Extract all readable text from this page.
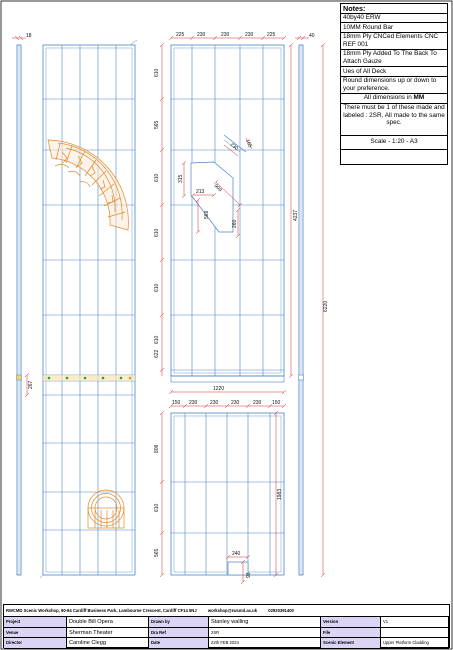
18
267
225	230	230	230	225
610
565
610
610
610
610
622
315
213 909
569
260
230 165
4237
1220
150 230	230	230	230 150
808
610
565
1983
240
93
40
6220
Notes:
40by40 ERW
10MM Round Bar
18mm Ply CNCed Elements CNC REF 001
18mm Ply Added To The Back To Attach Gauze
Ues of All Deck
Round dimensions up or down to your preference.
All dimensions in MM
There must be 1 of these made and labeled : 2SR. All made to the same spec.
Scale - 1:20 - A3
RWCMD Scenic Workshop, 90-94 Cardiff Business Park, Lambourne Crescent, Cardiff CF14 5NJ	workshop@rwcmd.ac.uk	02920391400
Project	Double Bill Opera	Drawn by	Stanley walling	Version	V1
Venue	Sherman Theater	Dra Ref	2SR	File
Director	Caroline Clegg	Date	22th FEB 2024	Scenic Element	Upper Platform Cladding
